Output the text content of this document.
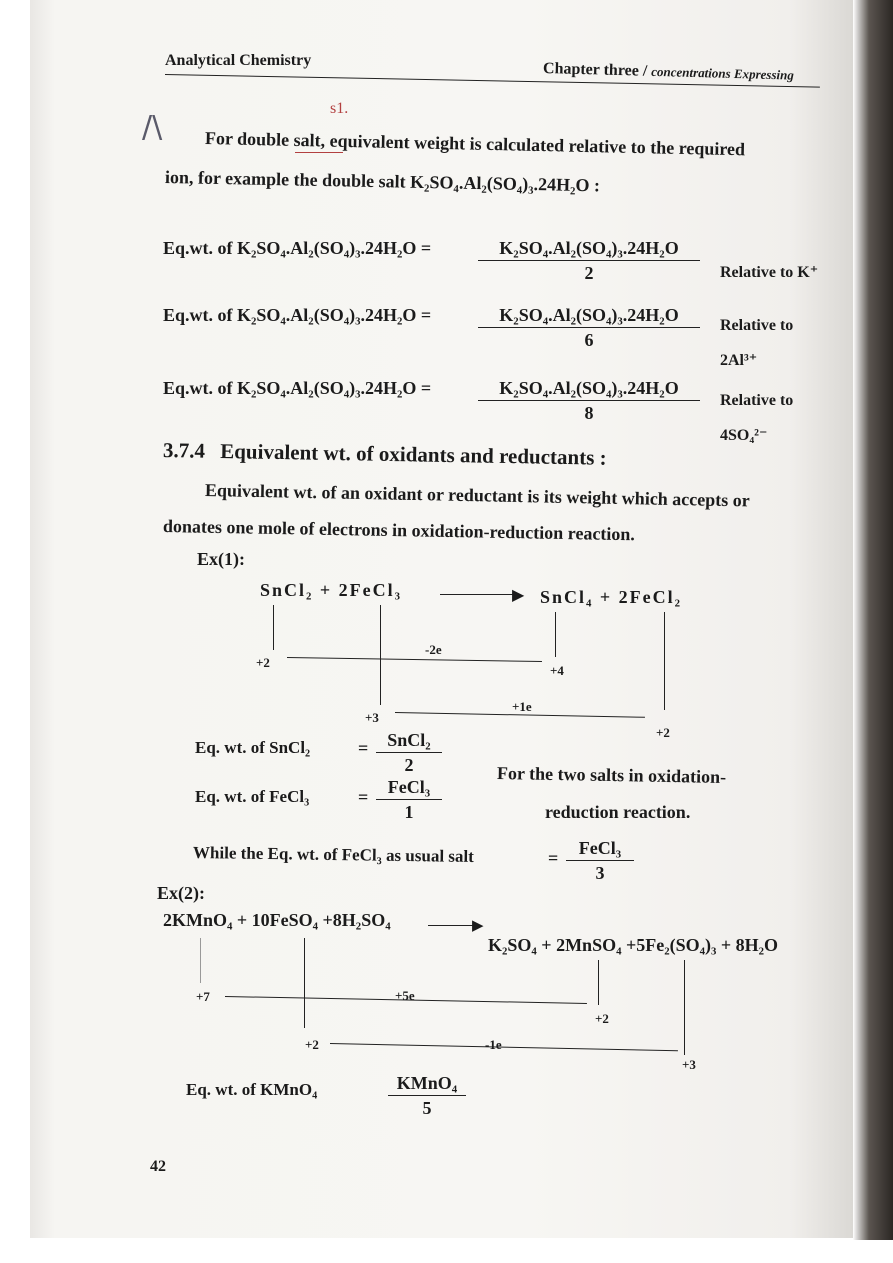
Analytical Chemistry	Chapter three / concentrations Expressing
/\
s1.
For double salt, equivalent weight is calculated relative to the required
ion, for example the double salt K₂SO₄.Al₂(SO₄)₃.24H₂O :
Eq.wt. of K₂SO₄.Al₂(SO₄)₃.24H₂O =	$\frac{\text{K₂SO₄.Al₂(SO₄)₃.24H₂O}}{2}$ Relative to K⁺
Eq.wt. of K₂SO₄.Al₂(SO₄)₃.24H₂O =	$\frac{\text{K₂SO₄.Al₂(SO₄)₃.24H₂O}}{6}$ Relative to
2Al³⁺
Eq.wt. of K₂SO₄.Al₂(SO₄)₃.24H₂O =	$\frac{\text{K₂SO₄.Al₂(SO₄)₃.24H₂O}}{8}$ Relative to
4SO₄²⁻
3.7.4 Equivalent wt. of oxidants and reductants :
Equivalent wt. of an oxidant or reductant is its weight which accepts or
donates one mole of electrons in oxidation-reduction reaction.
Ex(1):
SnCl₂ + 2FeCl₃	▶ SnCl₄ + 2FeCl₂
+2
-2e
+4
+3
+1e
+2
Eq. wt. of SnCl₂	=	SnCl₂
2
Eq. wt. of FeCl₃	=	FeCl₃
1
For the two salts in oxidation-
reduction reaction.
While the Eq. wt. of FeCl₃ as usual salt	=	FeCl₃
3
Ex(2):
2KMnO₄ + 10FeSO₄ +8H₂SO₄	▶
K₂SO₄ + 2MnSO₄ +5Fe₂(SO₄)₃ + 8H₂O
+7	+5e
+2
+2	-1e
+3
Eq. wt. of KMnO₄	KMnO₄
5
42
